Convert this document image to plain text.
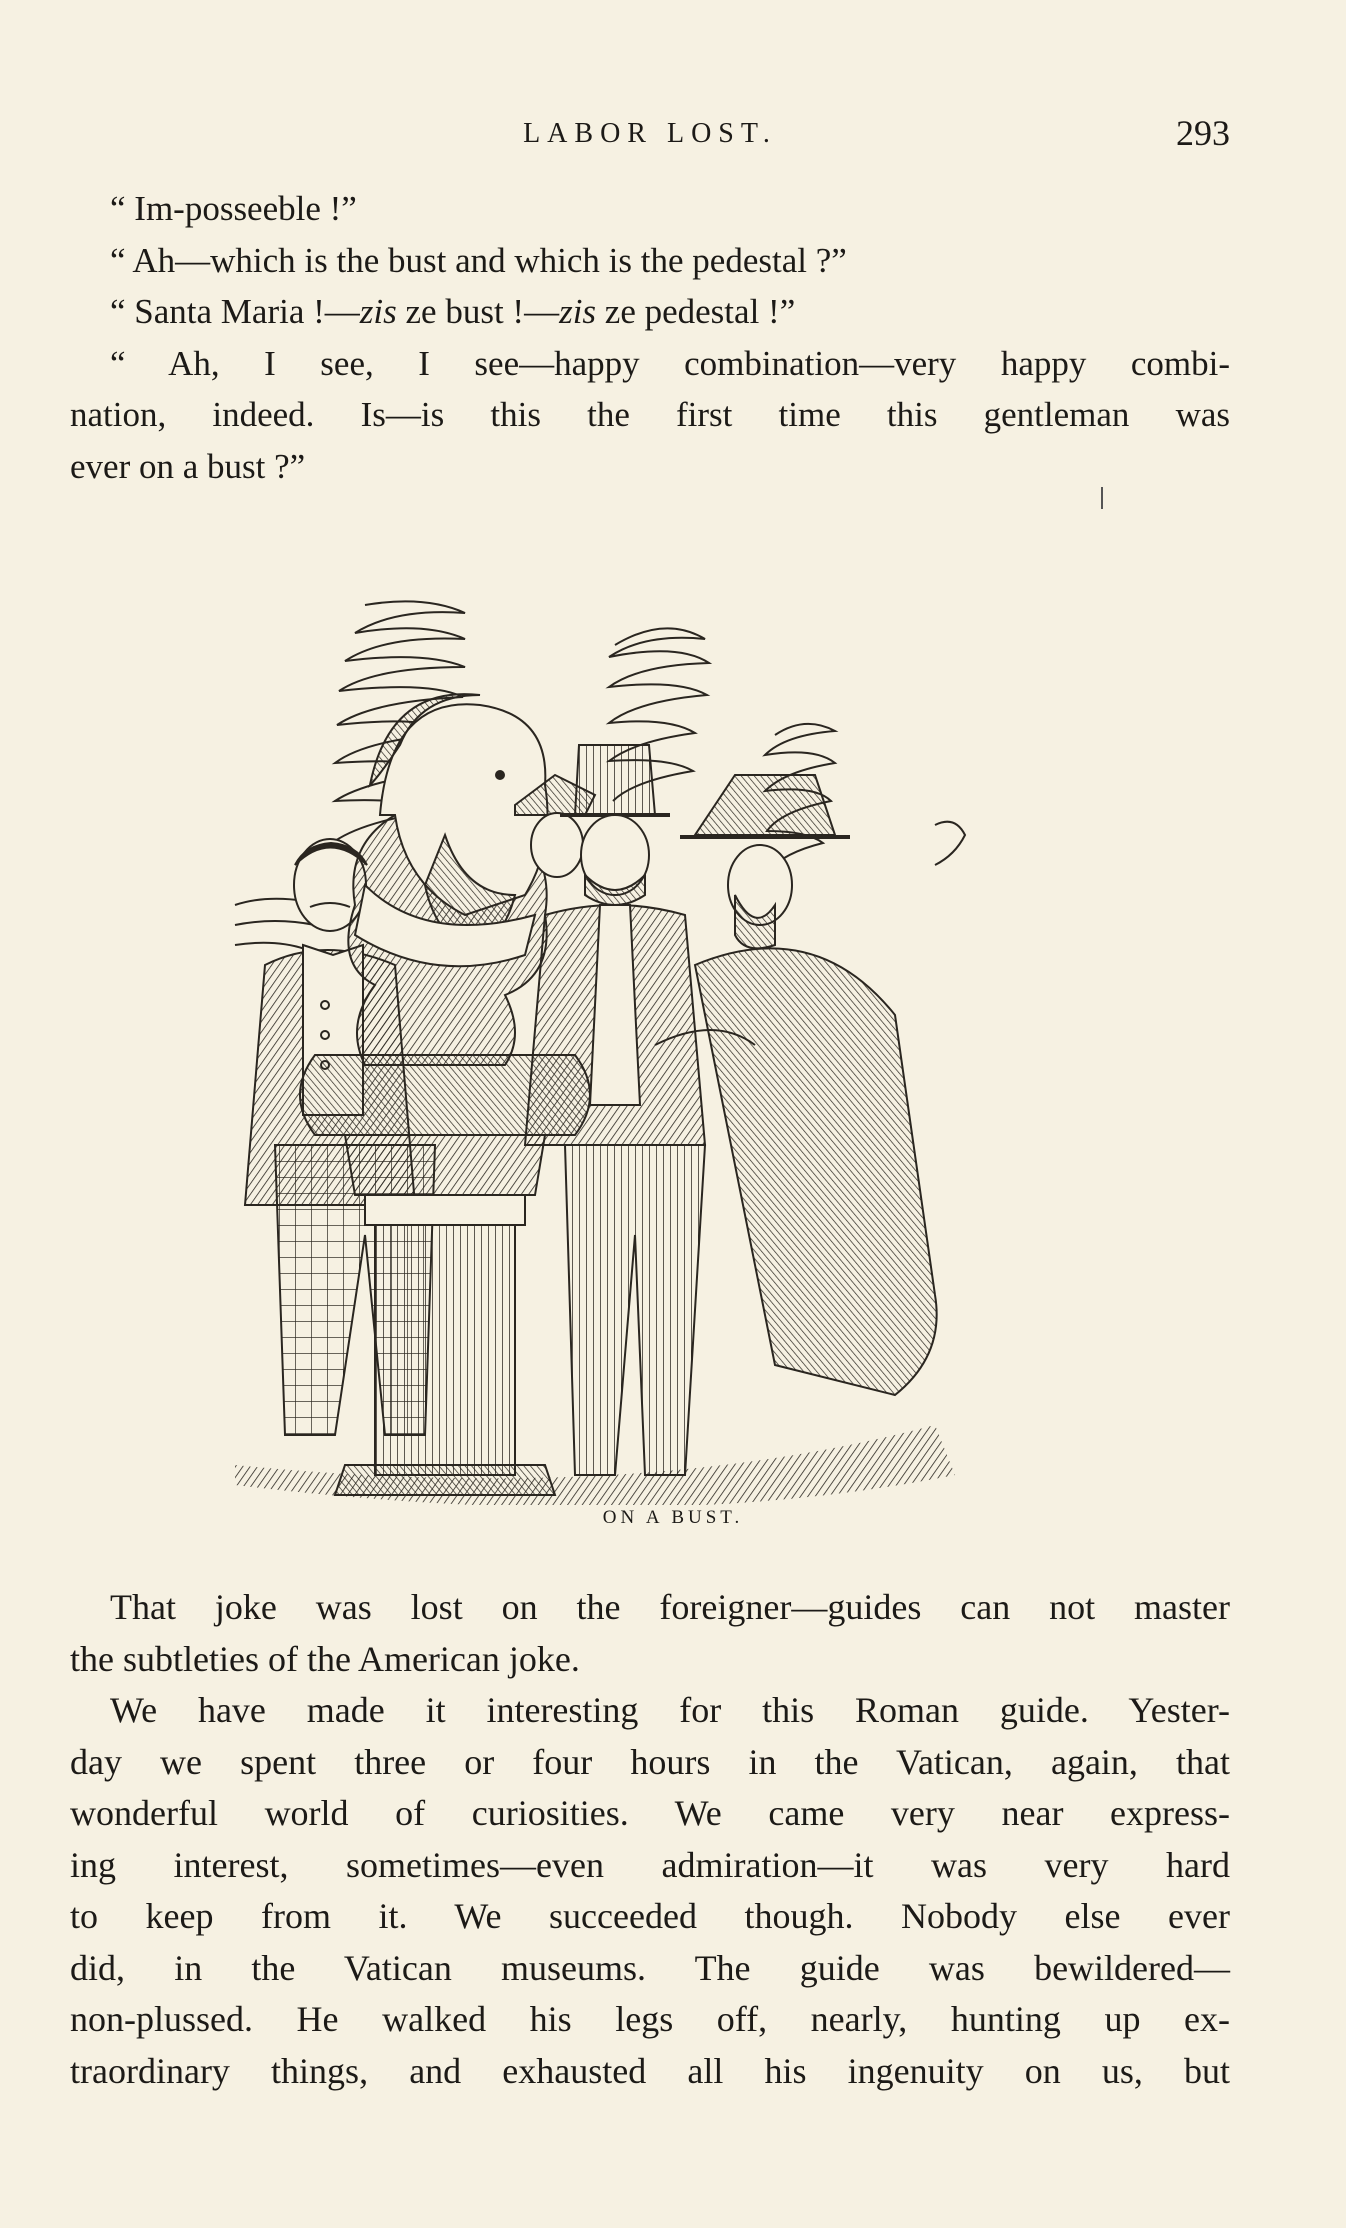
LABOR LOST.	293

“ Im-posseeble !”

“ Ah—which is the bust and which is the pedestal ?”

“ Santa Maria !—zis ze bust !—zis ze pedestal !”

“ Ah, I see, I see—happy combination—very happy combi-

nation, indeed. Is—is this the first time this gentleman was

ever on a bust ?”

ON A BUST.

That joke was lost on the foreigner—guides can not master

the subtleties of the American joke.

We have made it interesting for this Roman guide. Yester-

day we spent three or four hours in the Vatican, again, that

wonderful world of curiosities. We came very near express-

ing interest, sometimes—even admiration—it was very hard

to keep from it. We succeeded though. Nobody else ever

did, in the Vatican museums. The guide was bewildered—

non-plussed. He walked his legs off, nearly, hunting up ex-

traordinary things, and exhausted all his ingenuity on us, but
